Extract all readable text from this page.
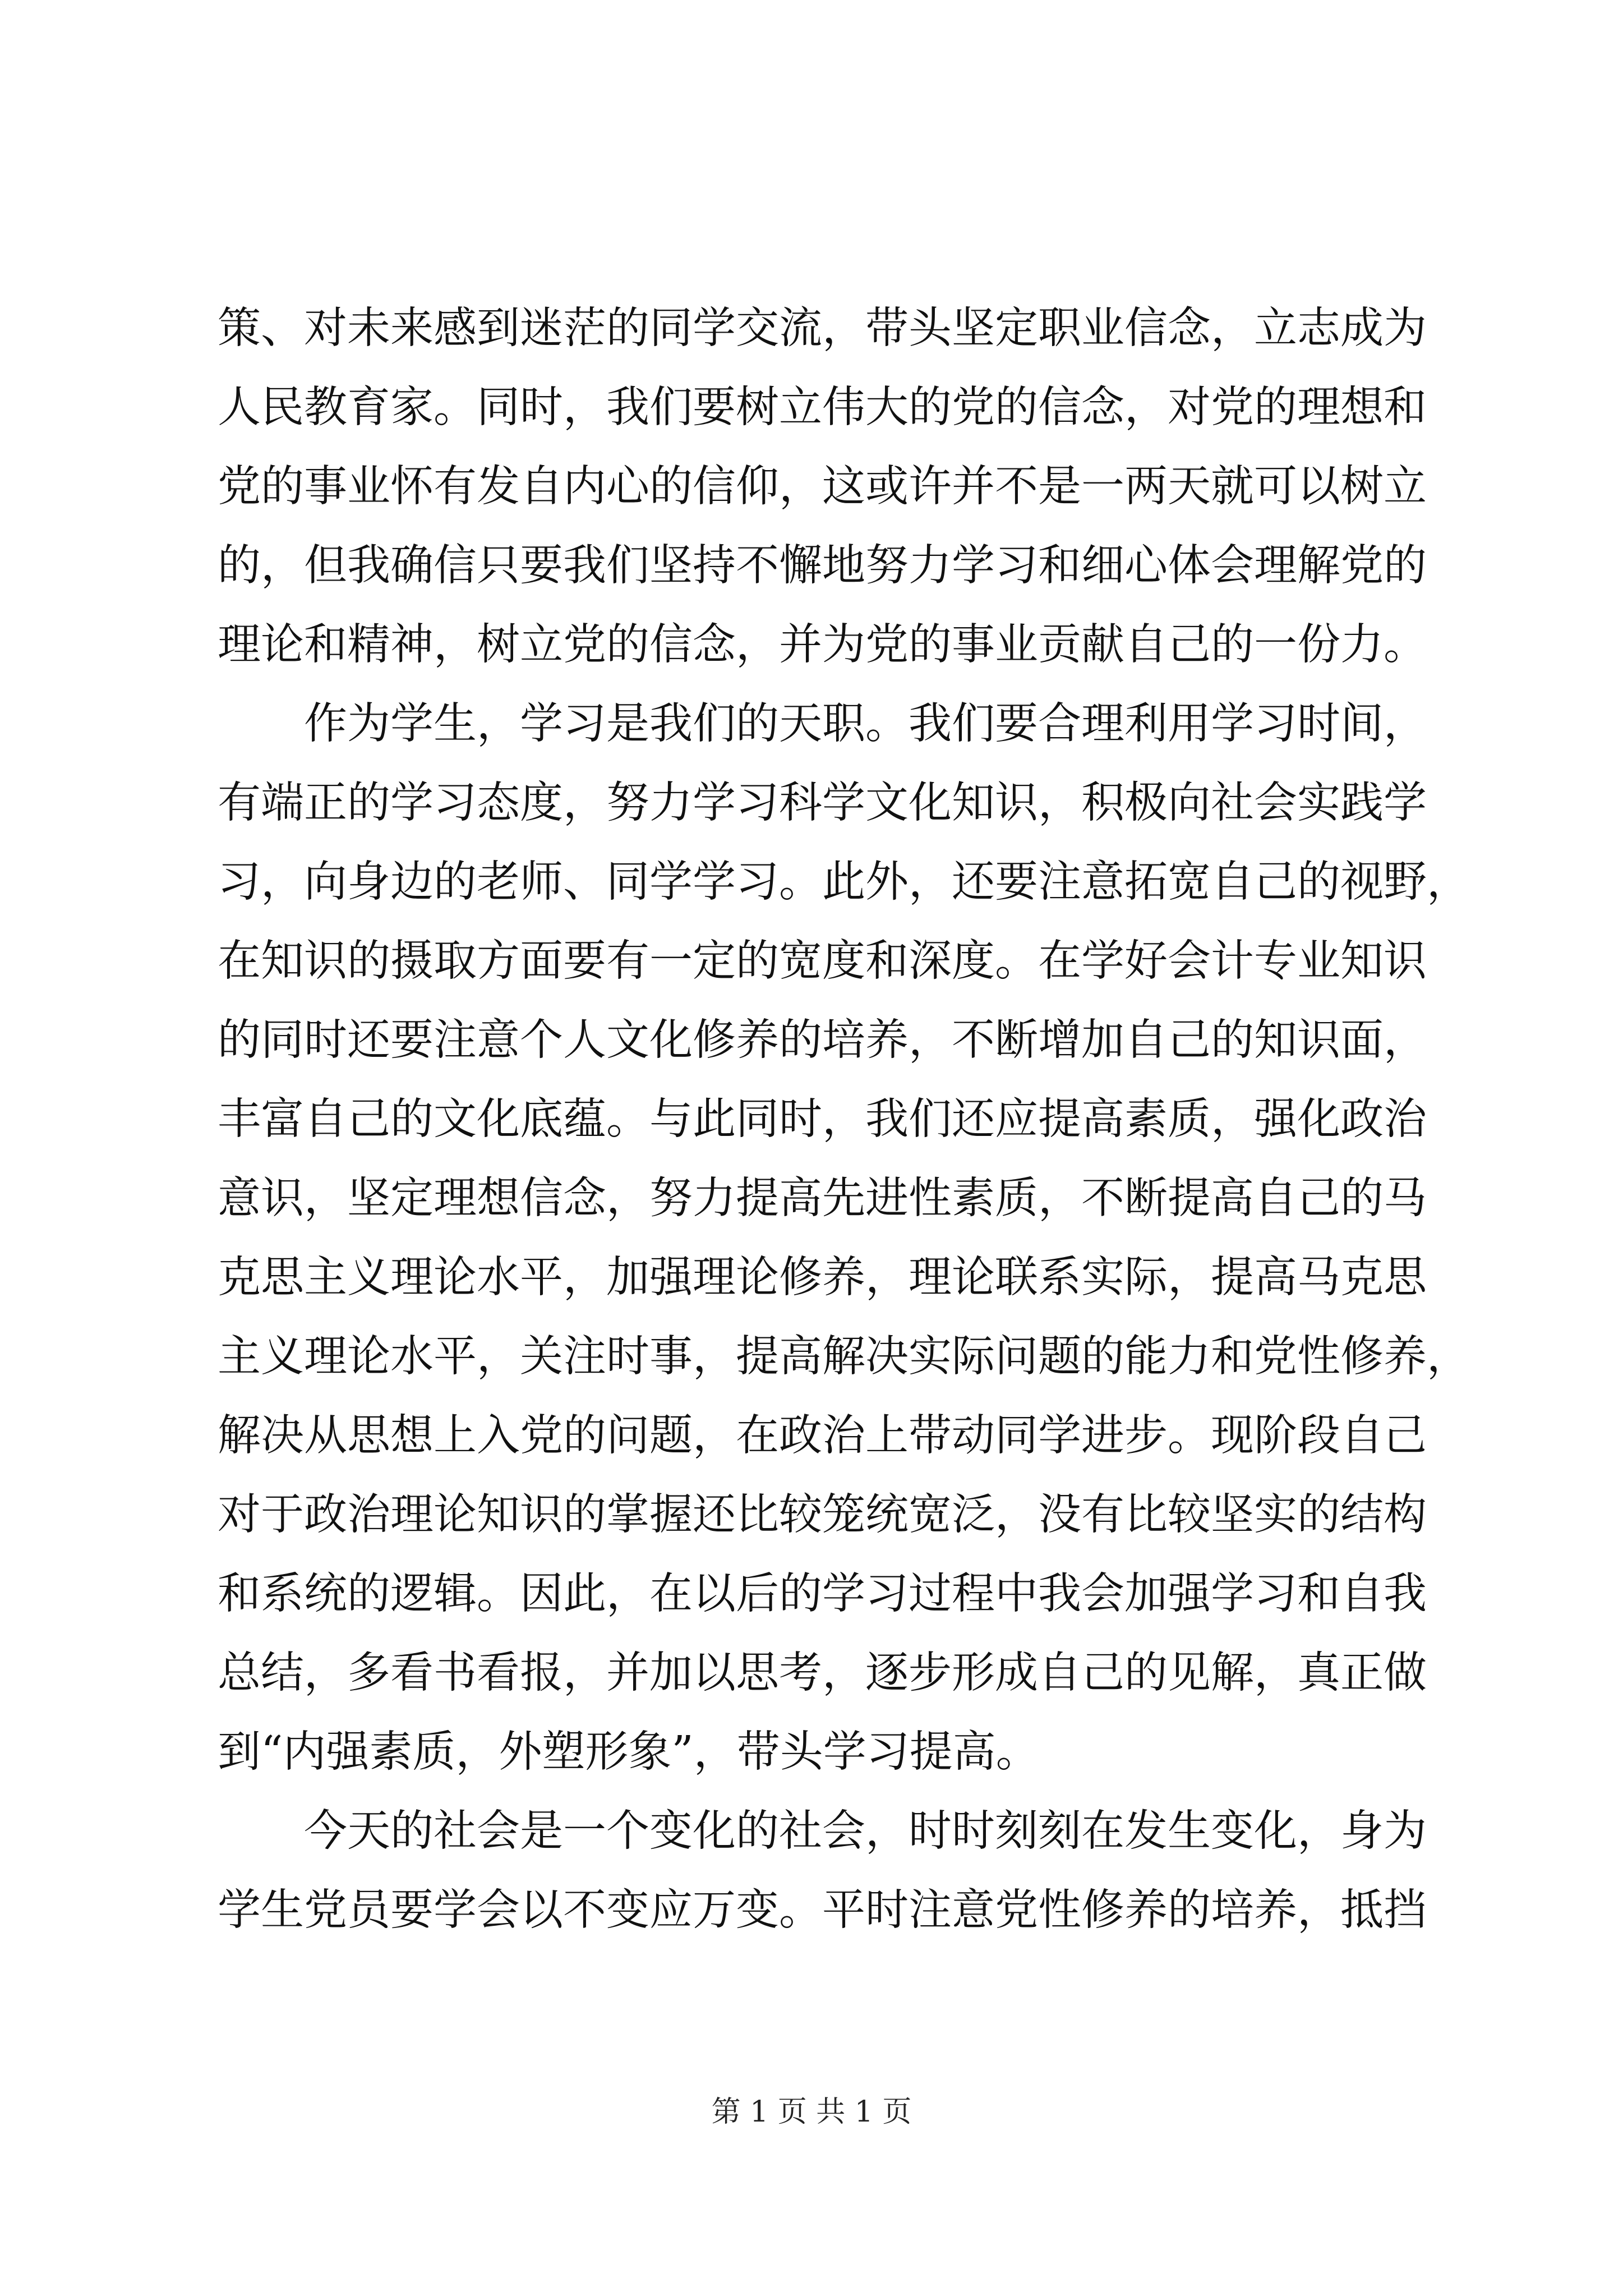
策、对未来感到迷茫的同学交流，带头坚定职业信念，立志成为
人民教育家。同时，我们要树立伟大的党的信念，对党的理想和
党的事业怀有发自内心的信仰，这或许并不是一两天就可以树立
的，但我确信只要我们坚持不懈地努力学习和细心体会理解党的
理论和精神，树立党的信念，并为党的事业贡献自己的一份力。
作为学生，学习是我们的天职。我们要合理利用学习时间，
有端正的学习态度，努力学习科学文化知识，积极向社会实践学
习，向身边的老师、同学学习。此外，还要注意拓宽自己的视野，
在知识的摄取方面要有一定的宽度和深度。在学好会计专业知识
的同时还要注意个人文化修养的培养，不断增加自己的知识面，
丰富自己的文化底蕴。与此同时，我们还应提高素质，强化政治
意识，坚定理想信念，努力提高先进性素质，不断提高自己的马
克思主义理论水平，加强理论修养，理论联系实际，提高马克思
主义理论水平，关注时事，提高解决实际问题的能力和党性修养，
解决从思想上入党的问题，在政治上带动同学进步。现阶段自己
对于政治理论知识的掌握还比较笼统宽泛，没有比较坚实的结构
和系统的逻辑。因此，在以后的学习过程中我会加强学习和自我
总结，多看书看报，并加以思考，逐步形成自己的见解，真正做
到“内强素质，外塑形象”，带头学习提高。
今天的社会是一个变化的社会，时时刻刻在发生变化，身为
学生党员要学会以不变应万变。平时注意党性修养的培养，抵挡
第 1 页 共 1 页
